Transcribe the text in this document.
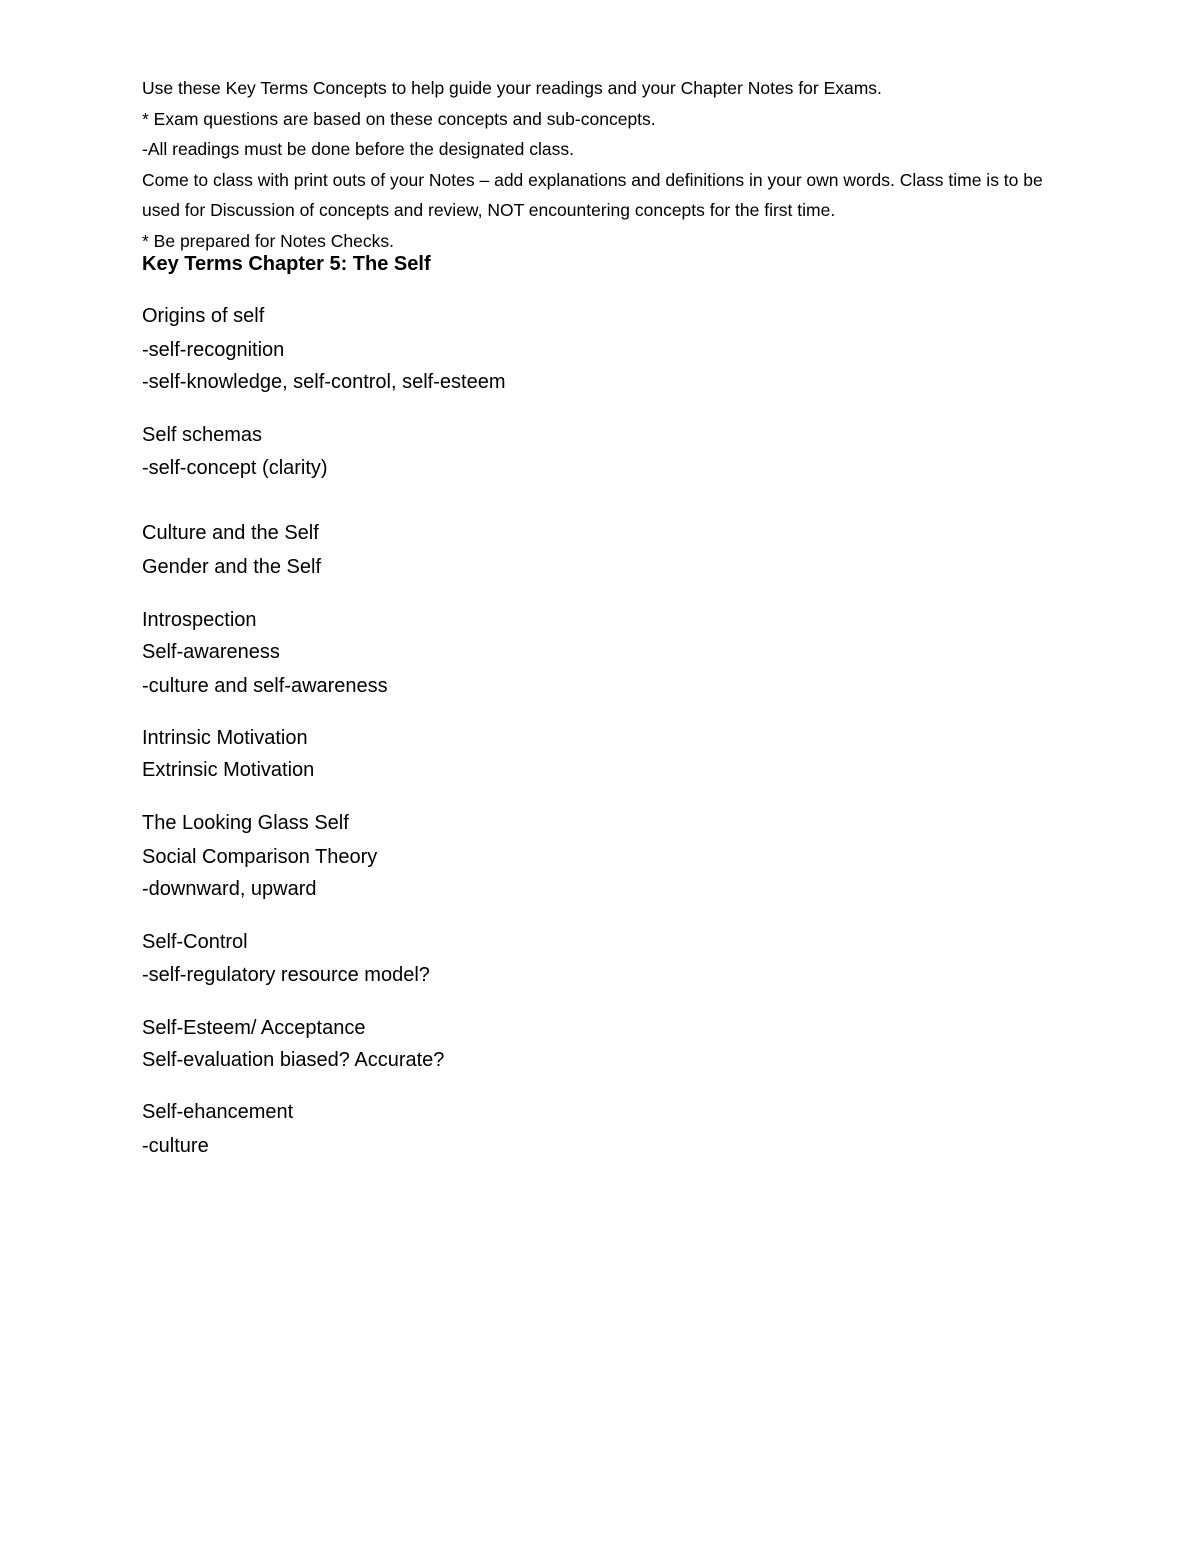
Use these Key Terms Concepts to help guide your readings and your Chapter Notes for Exams.

* Exam questions are based on these concepts and sub-concepts.

-All readings must be done before the designated class.

Come to class with print outs of your Notes – add explanations and definitions in your own words. Class time is to be used for Discussion of concepts and review, NOT encountering concepts for the first time.

* Be prepared for Notes Checks.

Key Terms Chapter 5: The Self

Origins of self

-self-recognition

-self-knowledge, self-control, self-esteem

Self schemas

-self-concept (clarity)

Culture and the Self

Gender and the Self

Introspection

Self-awareness

-culture and self-awareness

Intrinsic Motivation

Extrinsic Motivation

The Looking Glass Self

Social Comparison Theory

-downward, upward

Self-Control

-self-regulatory resource model?

Self-Esteem/ Acceptance

Self-evaluation biased? Accurate?

Self-ehancement

-culture
